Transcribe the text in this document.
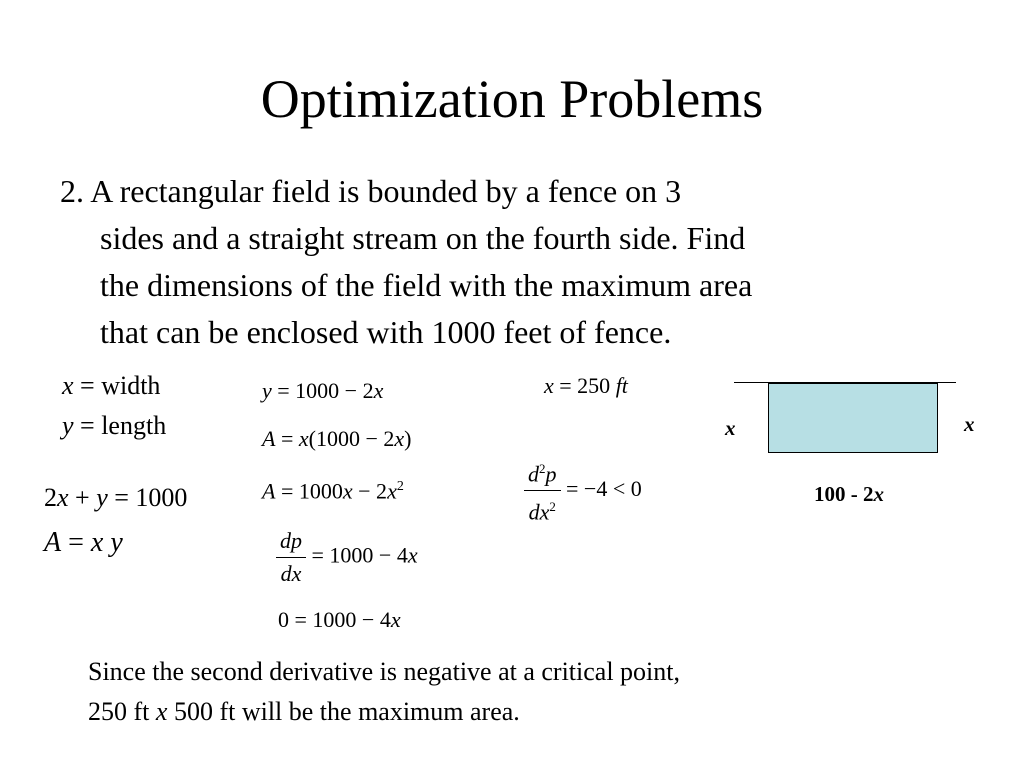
Optimization Problems
2. A rectangular field is bounded by a fence on 3
sides and a straight stream on the fourth side. Find
the dimensions of the field with the maximum area
that can be enclosed with 1000 feet of fence.
x = width
y = length
2x + y = 1000
A = x y
y = 1000 − 2x
A = x(1000 − 2x)
$A = 1000x - 2x^2$
$\frac{dp}{dx} = 1000 - 4x$
0 = 1000 − 4x
x = 250 ft
$\frac{d^2p}{dx^2} = -4 < 0$
x	x
100 - 2x
Since the second derivative is negative at a critical point,
250 ft x 500 ft will be the maximum area.
